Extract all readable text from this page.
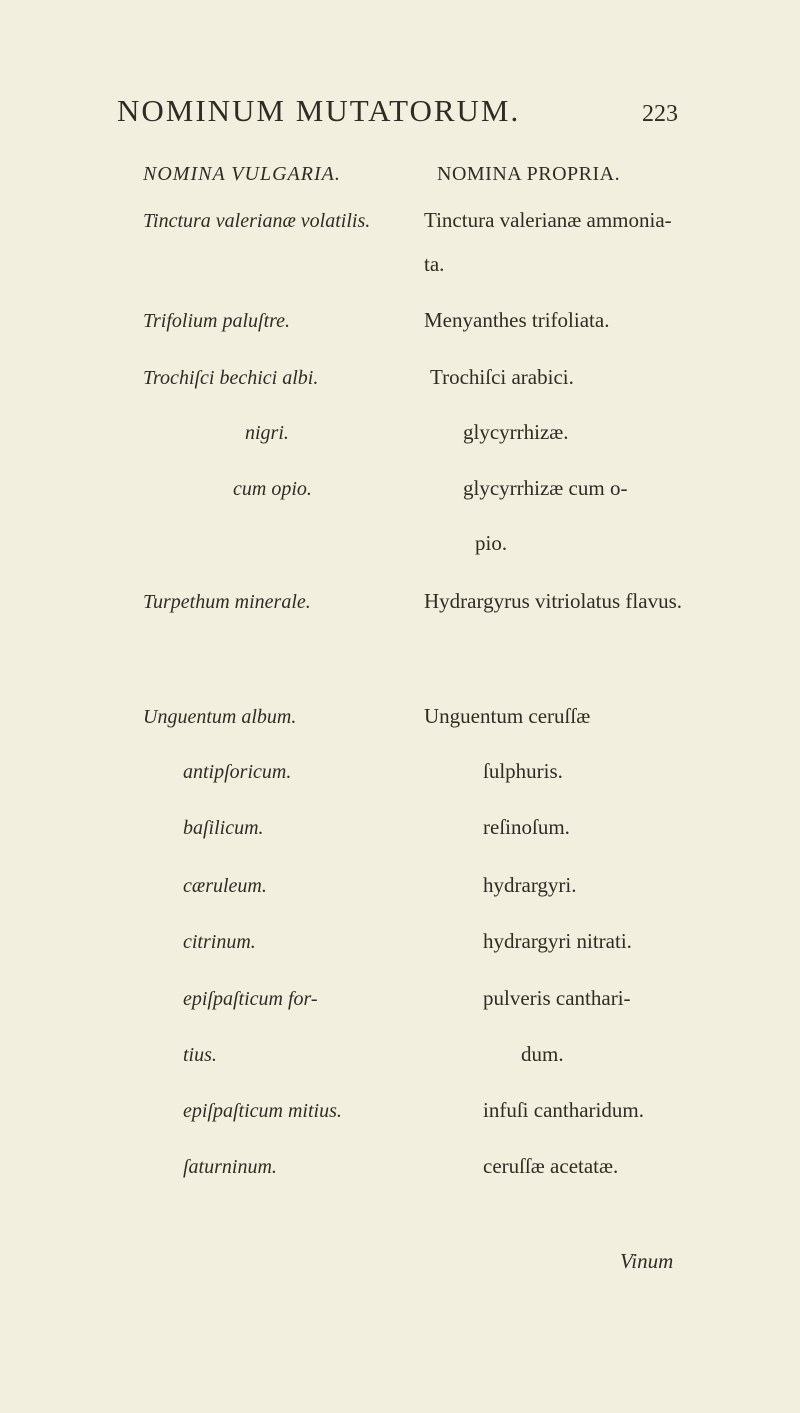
NOMINUM MUTATORUM.	223
NOMINA VULGARIA.	NOMINA PROPRIA.
Tinctura valerianæ volatilis.
Trifolium paluſtre.
Trochiſci bechici albi.
nigri.
cum opio.
Turpethum minerale.
Unguentum album.
antipſoricum.
baſilicum.
cæruleum.
citrinum.
epiſpaſticum for-
tius.
epiſpaſticum mitius.
ſaturninum.
Tinctura valerianæ ammonia-
ta.
Menyanthes trifoliata.
Trochiſci arabici.
glycyrrhizæ.
glycyrrhizæ cum o-
pio.
Hydrargyrus vitriolatus flavus.
Unguentum ceruſſæ
ſulphuris.
reſinoſum.
hydrargyri.
hydrargyri nitrati.
pulveris canthari-
dum.
infuſi cantharidum.
ceruſſæ acetatæ.
Vinum
